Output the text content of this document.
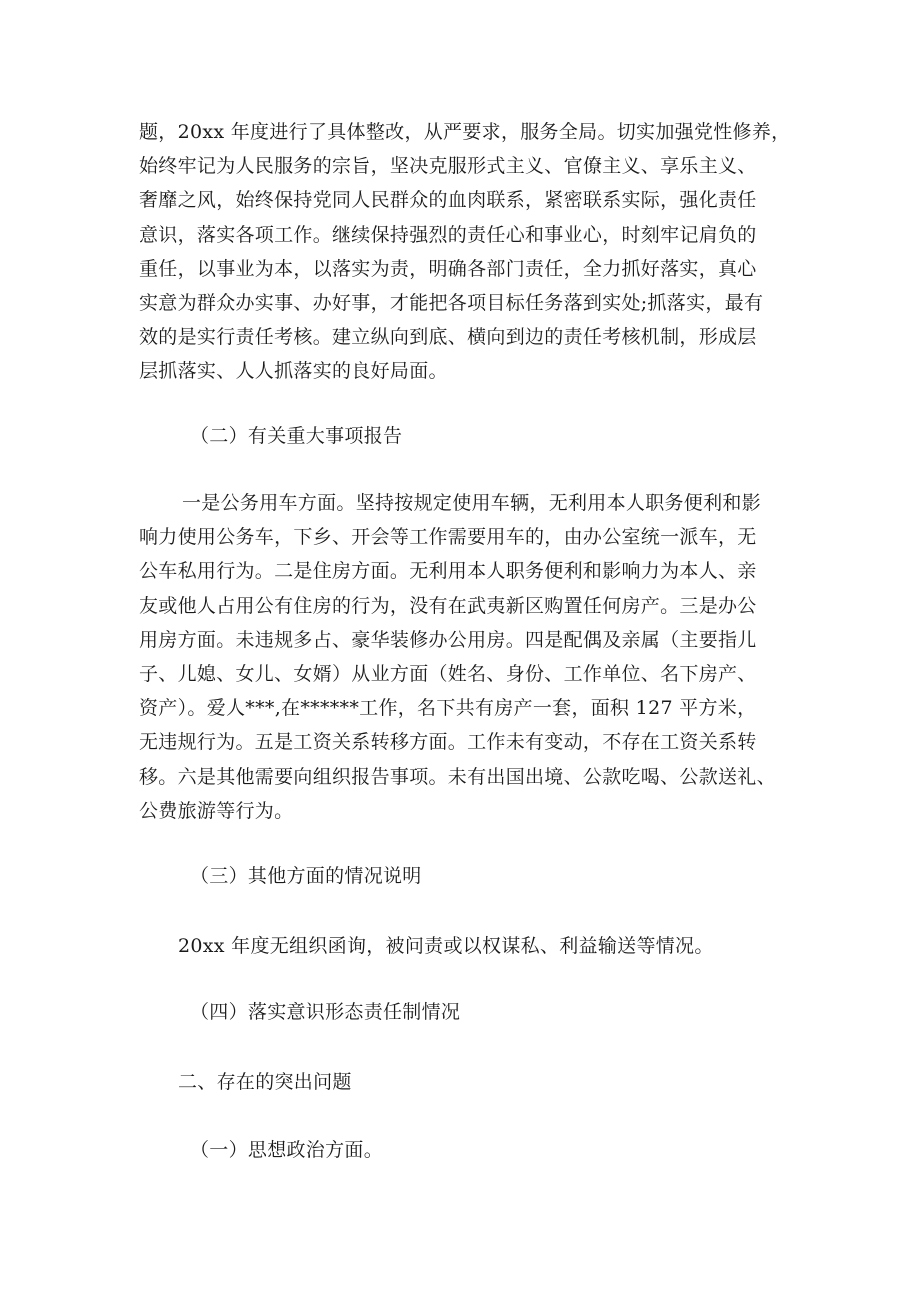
题，20xx 年度进行了具体整改，从严要求，服务全局。切实加强党性修养，
始终牢记为人民服务的宗旨，坚决克服形式主义、官僚主义、享乐主义、
奢靡之风，始终保持党同人民群众的血肉联系，紧密联系实际，强化责任
意识，落实各项工作。继续保持强烈的责任心和事业心，时刻牢记肩负的
重任，以事业为本，以落实为责，明确各部门责任，全力抓好落实，真心
实意为群众办实事、办好事，才能把各项目标任务落到实处;抓落实，最有
效的是实行责任考核。建立纵向到底、横向到边的责任考核机制，形成层
层抓落实、人人抓落实的良好局面。

（二）有关重大事项报告

一是公务用车方面。坚持按规定使用车辆，无利用本人职务便利和影
响力使用公务车，下乡、开会等工作需要用车的，由办公室统一派车，无
公车私用行为。二是住房方面。无利用本人职务便利和影响力为本人、亲
友或他人占用公有住房的行为，没有在武夷新区购置任何房产。三是办公
用房方面。未违规多占、豪华装修办公用房。四是配偶及亲属（主要指儿
子、儿媳、女儿、女婿）从业方面（姓名、身份、工作单位、名下房产、
资产）。爱人***,在******工作，名下共有房产一套，面积 127 平方米，
无违规行为。五是工资关系转移方面。工作未有变动，不存在工资关系转
移。六是其他需要向组织报告事项。未有出国出境、公款吃喝、公款送礼、
公费旅游等行为。

（三）其他方面的情况说明

20xx 年度无组织函询，被问责或以权谋私、利益输送等情况。

（四）落实意识形态责任制情况

二、存在的突出问题

（一）思想政治方面。
